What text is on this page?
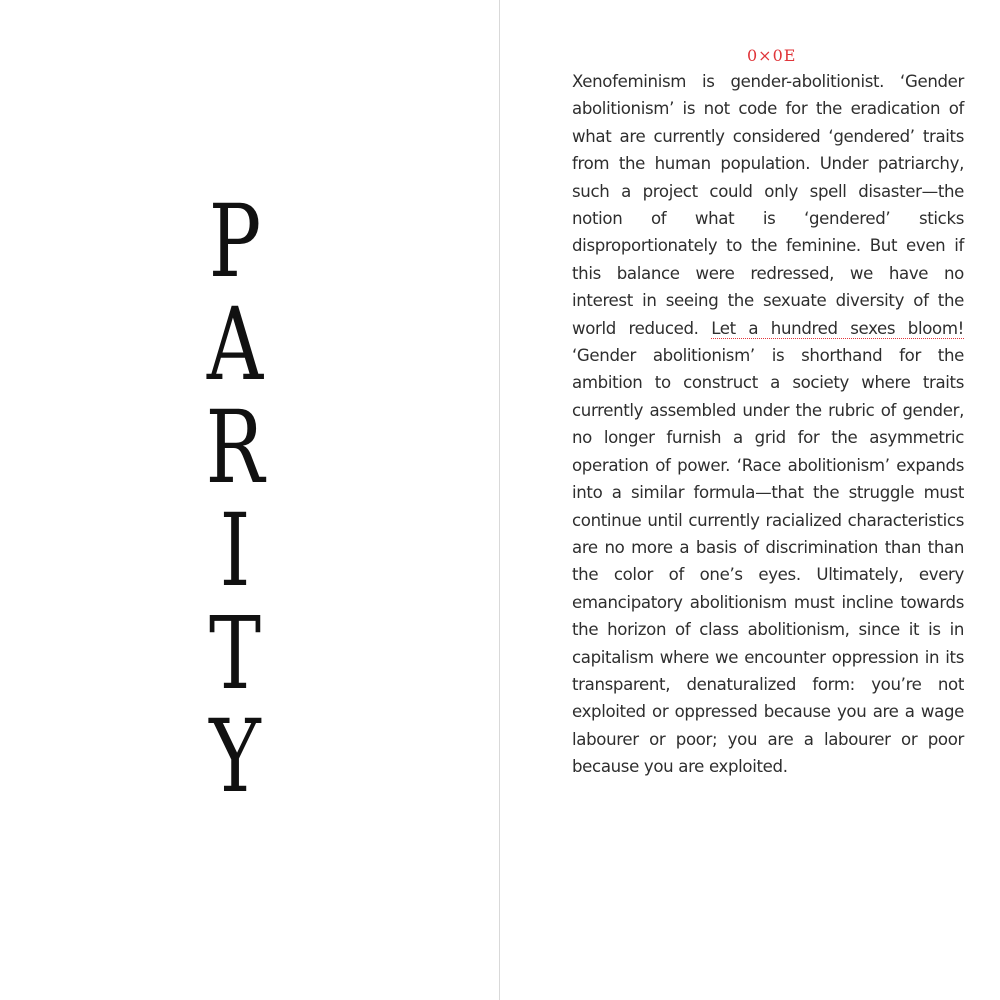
P
A
R
I
T
Y
0×0E

Xenofeminism is gender-abolitionist. ‘Gender abolitionism’ is not code for the eradication of what are currently considered ‘gendered’ traits from the human population. Under patriarchy, such a project could only spell disaster—the notion of what is ‘gendered’ sticks disproportionately to the feminine. But even if this balance were redressed, we have no interest in seeing the sexuate diversity of the world reduced. Let a hundred sexes bloom! ‘Gender abolitionism’ is shorthand for the ambition to construct a society where traits currently assembled under the rubric of gender, no longer furnish a grid for the asymmetric operation of power. ‘Race abolitionism’ expands into a similar formula—that the struggle must continue until currently racialized characteristics are no more a basis of discrimination than than the color of one’s eyes. Ultimately, every emancipatory abolitionism must incline towards the horizon of class abolitionism, since it is in capitalism where we encounter oppression in its transparent, denaturalized form: you’re not exploited or oppressed because you are a wage labourer or poor; you are a labourer or poor because you are exploited.
